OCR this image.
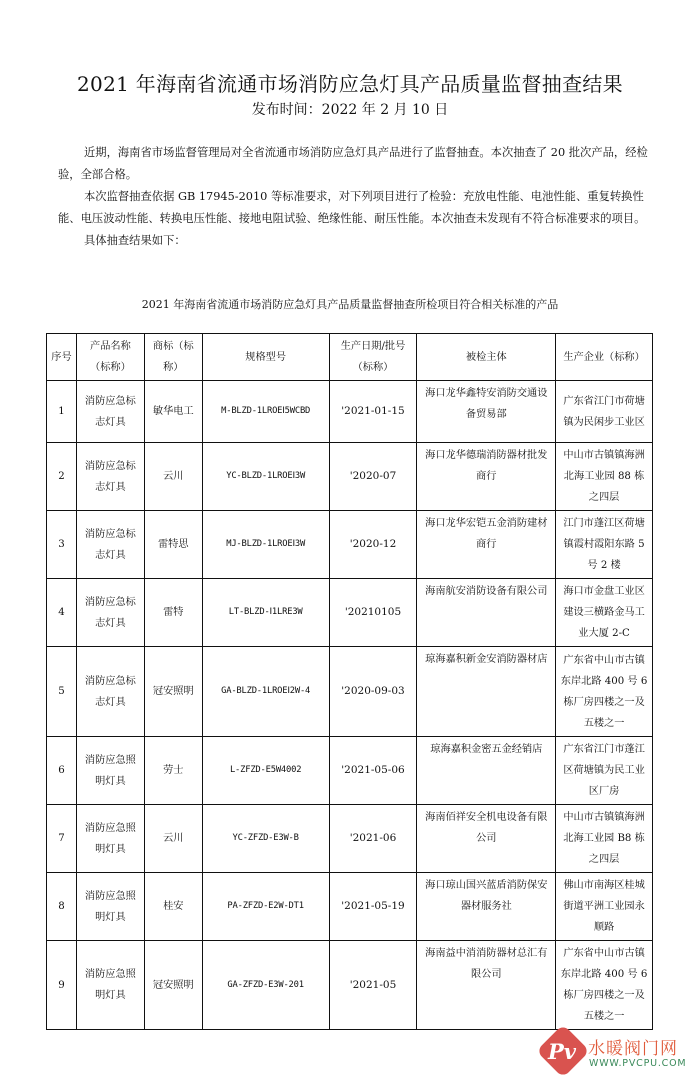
2021 年海南省流通市场消防应急灯具产品质量监督抽查结果
发布时间：2022 年 2 月 10 日

近期，海南省市场监督管理局对全省流通市场消防应急灯具产品进行了监督抽查。本次抽查了 20 批次产品，经检验，全部合格。

本次监督抽查依据 GB 17945-2010 等标准要求，对下列项目进行了检验：充放电性能、电池性能、重复转换性能、电压波动性能、转换电压性能、接地电阻试验、绝缘性能、耐压性能。本次抽查未发现有不符合标准要求的项目。

具体抽查结果如下：

2021 年海南省流通市场消防应急灯具产品质量监督抽查所检项目符合相关标准的产品
序号	产品名称（标称）	商标（标称）	规格型号	生产日期/批号（标称）	被检主体	生产企业（标称）
1	消防应急标志灯具	敏华电工	M-BLZD-1LROEⅠ5WCBD	'2021-01-15	海口龙华鑫特安消防交通设备贸易部	广东省江门市荷塘镇为民闲步工业区
2	消防应急标志灯具	云川	YC-BLZD-1LROEⅠ3W	'2020-07	海口龙华德瑞消防器材批发商行	中山市古镇镇海洲北海工业园 88 栋之四层
3	消防应急标志灯具	雷特思	MJ-BLZD-1LROEⅠ3W	'2020-12	海口龙华宏铠五金消防建材商行	江门市蓬江区荷塘镇霞村霞阳东路 5 号 2 楼
4	消防应急标志灯具	雷特	LT-BLZD-Ⅰ1LRE3W	'20210105	海南航安消防设备有限公司	海口市金盘工业区建设三横路金马工业大厦 2-C
5	消防应急标志灯具	冠安照明	GA-BLZD-1LROEⅠ2W-4	'2020-09-03	琼海嘉积新金安消防器材店	广东省中山市古镇东岸北路 400 号 6 栋厂房四楼之一及五楼之一
6	消防应急照明灯具	劳士	L-ZFZD-E5W4002	'2021-05-06	琼海嘉积金密五金经销店	广东省江门市蓬江区荷塘镇为民工业区厂房
7	消防应急照明灯具	云川	YC-ZFZD-E3W-B	'2021-06	海南佰祥安全机电设备有限公司	中山市古镇镇海洲北海工业园 B8 栋之四层
8	消防应急照明灯具	桂安	PA-ZFZD-E2W-DT1	'2021-05-19	海口琼山国兴蓝盾消防保安器材服务社	佛山市南海区桂城街道平洲工业园永顺路
9	消防应急照明灯具	冠安照明	GA-ZFZD-E3W-201	'2021-05	海南益中消消防器材总汇有限公司	广东省中山市古镇东岸北路 400 号 6 栋厂房四楼之一及五楼之一
Pv 水暖阀门网
WWW.PVCPU.COM
